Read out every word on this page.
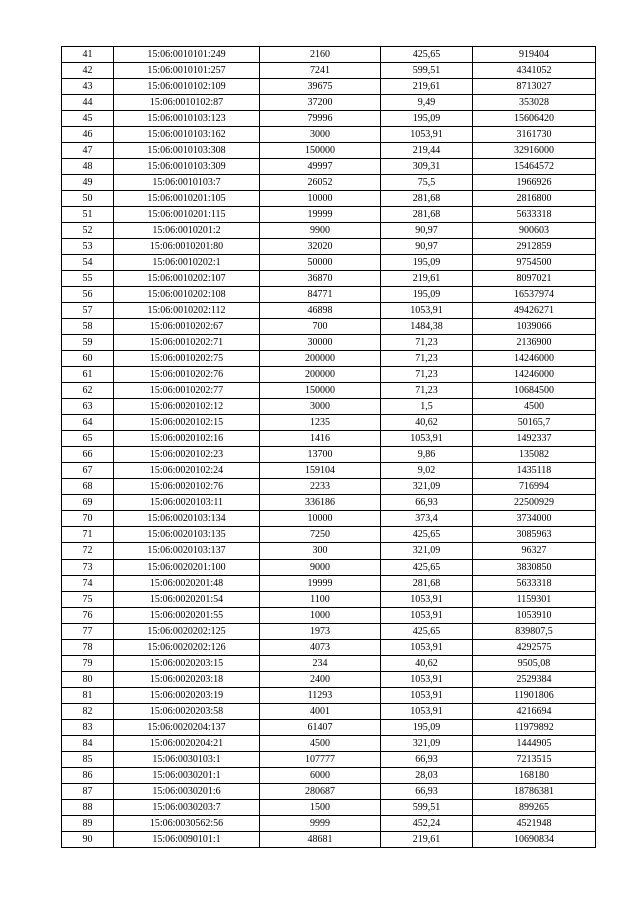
41	15:06:0010101:249	2160	425,65	919404
42	15:06:0010101:257	7241	599,51	4341052
43	15:06:0010102:109	39675	219,61	8713027
44	15:06:0010102:87	37200	9,49	353028
45	15:06:0010103:123	79996	195,09	15606420
46	15:06:0010103:162	3000	1053,91	3161730
47	15:06:0010103:308	150000	219,44	32916000
48	15:06:0010103:309	49997	309,31	15464572
49	15:06:0010103:7	26052	75,5	1966926
50	15:06:0010201:105	10000	281,68	2816800
51	15:06:0010201:115	19999	281,68	5633318
52	15:06:0010201:2	9900	90,97	900603
53	15:06:0010201:80	32020	90,97	2912859
54	15:06:0010202:1	50000	195,09	9754500
55	15:06:0010202:107	36870	219,61	8097021
56	15:06:0010202:108	84771	195,09	16537974
57	15:06:0010202:112	46898	1053,91	49426271
58	15:06:0010202:67	700	1484,38	1039066
59	15:06:0010202:71	30000	71,23	2136900
60	15:06:0010202:75	200000	71,23	14246000
61	15:06:0010202:76	200000	71,23	14246000
62	15:06:0010202:77	150000	71,23	10684500
63	15:06:0020102:12	3000	1,5	4500
64	15:06:0020102:15	1235	40,62	50165,7
65	15:06:0020102:16	1416	1053,91	1492337
66	15:06:0020102:23	13700	9,86	135082
67	15:06:0020102:24	159104	9,02	1435118
68	15:06:0020102:76	2233	321,09	716994
69	15:06:0020103:11	336186	66,93	22500929
70	15:06:0020103:134	10000	373,4	3734000
71	15:06:0020103:135	7250	425,65	3085963
72	15:06:0020103:137	300	321,09	96327
73	15:06:0020201:100	9000	425,65	3830850
74	15:06:0020201:48	19999	281,68	5633318
75	15:06:0020201:54	1100	1053,91	1159301
76	15:06:0020201:55	1000	1053,91	1053910
77	15:06:0020202:125	1973	425,65	839807,5
78	15:06:0020202:126	4073	1053,91	4292575
79	15:06:0020203:15	234	40,62	9505,08
80	15:06:0020203:18	2400	1053,91	2529384
81	15:06:0020203:19	11293	1053,91	11901806
82	15:06:0020203:58	4001	1053,91	4216694
83	15:06:0020204:137	61407	195,09	11979892
84	15:06:0020204:21	4500	321,09	1444905
85	15:06:0030103:1	107777	66,93	7213515
86	15:06:0030201:1	6000	28,03	168180
87	15:06:0030201:6	280687	66,93	18786381
88	15:06:0030203:7	1500	599,51	899265
89	15:06:0030562:56	9999	452,24	4521948
90	15:06:0090101:1	48681	219,61	10690834
